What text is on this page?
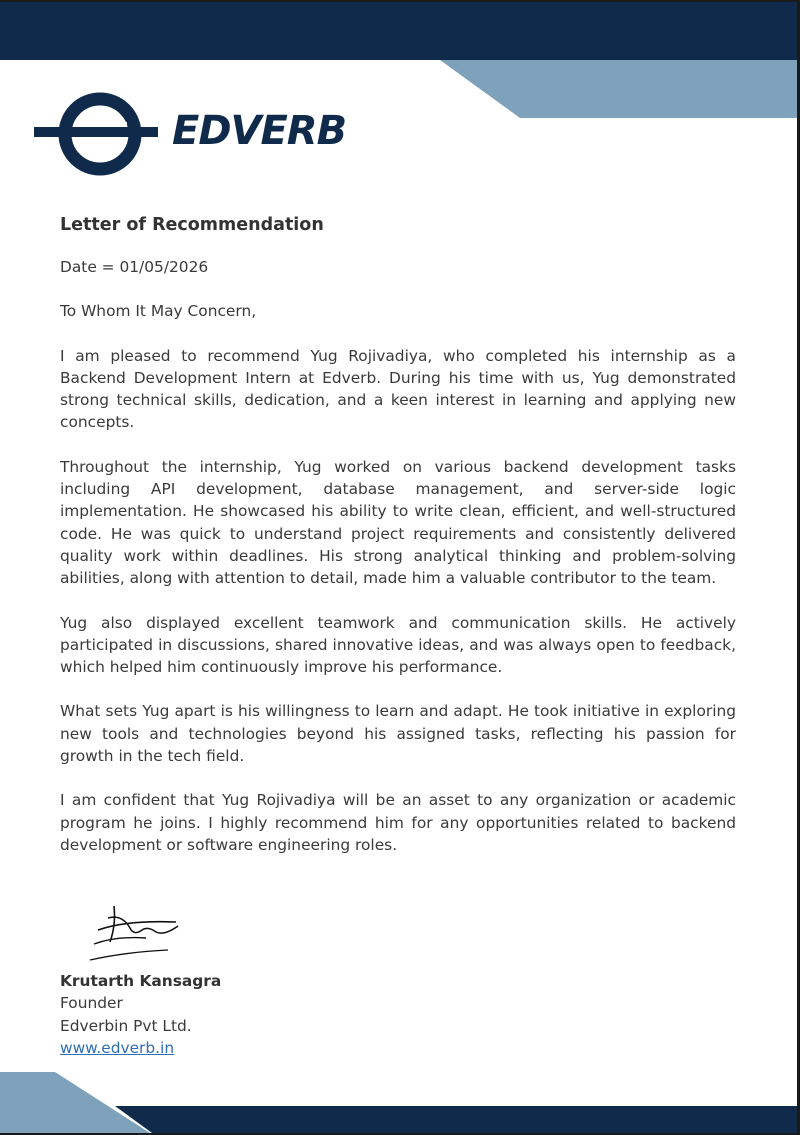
EDVERB
Letter of Recommendation
Date = 01/05/2026
To Whom It May Concern,
I am pleased to recommend Yug Rojivadiya, who completed his internship as a Backend Development Intern at Edverb. During his time with us, Yug demonstrated strong technical skills, dedication, and a keen interest in learning and applying new concepts.
Throughout the internship, Yug worked on various backend development tasks including API development, database management, and server-side logic implementation. He showcased his ability to write clean, efficient, and well-structured code. He was quick to understand project requirements and consistently delivered quality work within deadlines. His strong analytical thinking and problem-solving abilities, along with attention to detail, made him a valuable contributor to the team.
Yug also displayed excellent teamwork and communication skills. He actively participated in discussions, shared innovative ideas, and was always open to feedback, which helped him continuously improve his performance.
What sets Yug apart is his willingness to learn and adapt. He took initiative in exploring new tools and technologies beyond his assigned tasks, reflecting his passion for growth in the tech field.
I am confident that Yug Rojivadiya will be an asset to any organization or academic program he joins. I highly recommend him for any opportunities related to backend development or software engineering roles.
Krutarth Kansagra
Founder
Edverbin Pvt Ltd.
www.edverb.in
